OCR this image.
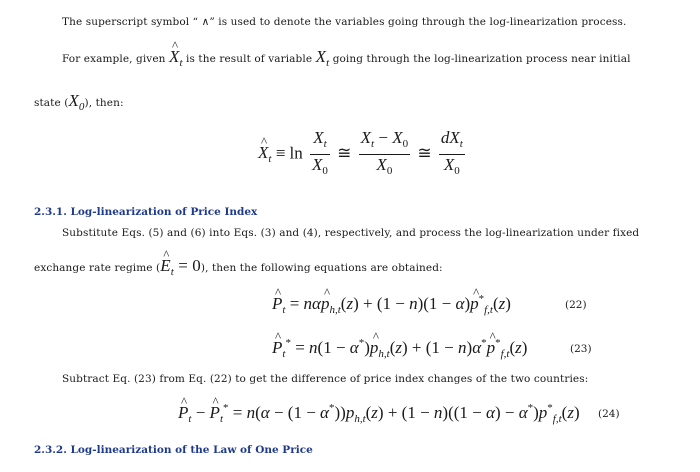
The superscript symbol “ ∧” is used to denote the variables going through the log-linearization process.
For example, given ^ $X_t$ is the result of variable $X_t$ going through the log-linearization process near initial
state $(X_0)$, then:
^ $X_t \equiv \ln \frac{X_t}{X_0}$ ≅ $\frac{X_t - X_0}{X_0}$ ≅ $\frac{dX_t}{X_0}$
2.3.1. Log-linearization of Price Index
Substitute Eqs. (5) and (6) into Eqs. (3) and (4), respectively, and process the log-linearization under fixed
exchange rate regime (^ $E_t = 0$), then the following equations are obtained:
^ $P_t$ = nα^ $p_{h,t}(z) + (1 - n)(1$ − α)^ $p^*_{f,t}(z)$	(22)
^ $P_t^* = n(1$ − α*)^ $p_{h,t}(z) + (1$ − n)α*^ $p^*_{f,t}(z)$	(23)
Subtract Eq. (23) from Eq. (22) to get the difference of price index changes of the two countries:
^ $P_t$ − ^ $P_t^* = n(\alpha - (1 - \alpha^*))p_{h,t}(z) + (1 - n)((1 - \alpha) - \alpha^*)p^*_{f,t}(z)$ (24)
2.3.2. Log-linearization of the Law of One Price
